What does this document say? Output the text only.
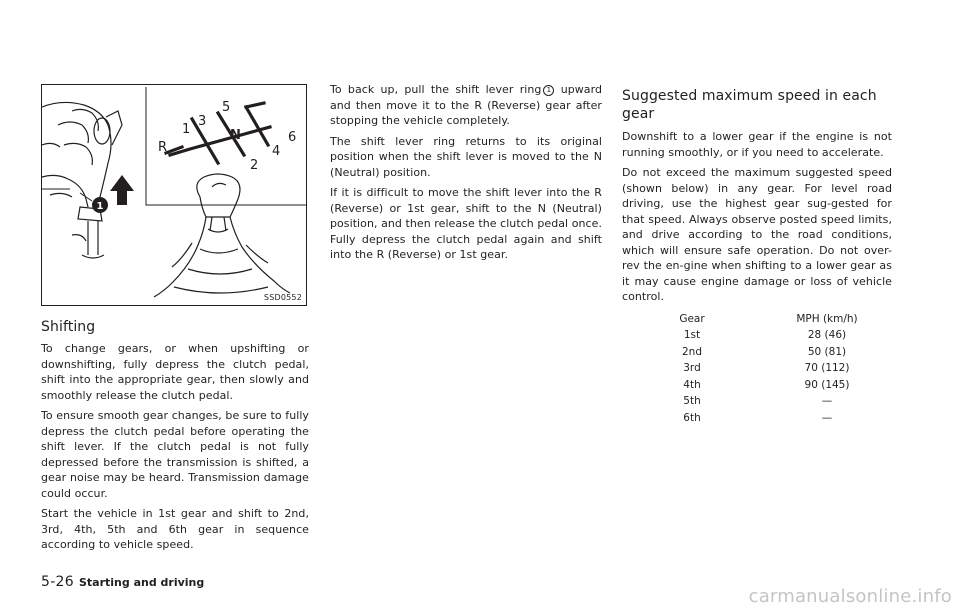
1
R
1
3
5
N	6
4
2
SSD0552
Shifting

To change gears, or when upshifting or downshifting, fully depress the clutch pedal, shift into the appropriate gear, then slowly and smoothly release the clutch pedal.

To ensure smooth gear changes, be sure to fully depress the clutch pedal before operating the shift lever. If the clutch pedal is not fully depressed before the transmission is shifted, a gear noise may be heard. Transmission damage could occur.

Start the vehicle in 1st gear and shift to 2nd, 3rd, 4th, 5th and 6th gear in sequence according to vehicle speed.

To back up, pull the shift lever ring 1 upward and then move it to the R (Reverse) gear after stopping the vehicle completely.

The shift lever ring returns to its original position when the shift lever is moved to the N (Neutral) position.

If it is difficult to move the shift lever into the R (Reverse) or 1st gear, shift to the N (Neutral) position, and then release the clutch pedal once. Fully depress the clutch pedal again and shift into the R (Reverse) or 1st gear.

Suggested maximum speed in each gear

Downshift to a lower gear if the engine is not running smoothly, or if you need to accelerate.

Do not exceed the maximum suggested speed (shown below) in any gear. For level road driving, use the highest gear sug-gested for that speed. Always observe posted speed limits, and drive according to the road conditions, which will ensure safe operation. Do not over-rev the en-gine when shifting to a lower gear as it may cause engine damage or loss of vehicle control.

Gear	MPH (km/h)
1st	28 (46)
2nd	50 (81)
3rd	70 (112)
4th	90 (145)
5th	—
6th	—
5-26 Starting and driving
carmanualsonline.info
